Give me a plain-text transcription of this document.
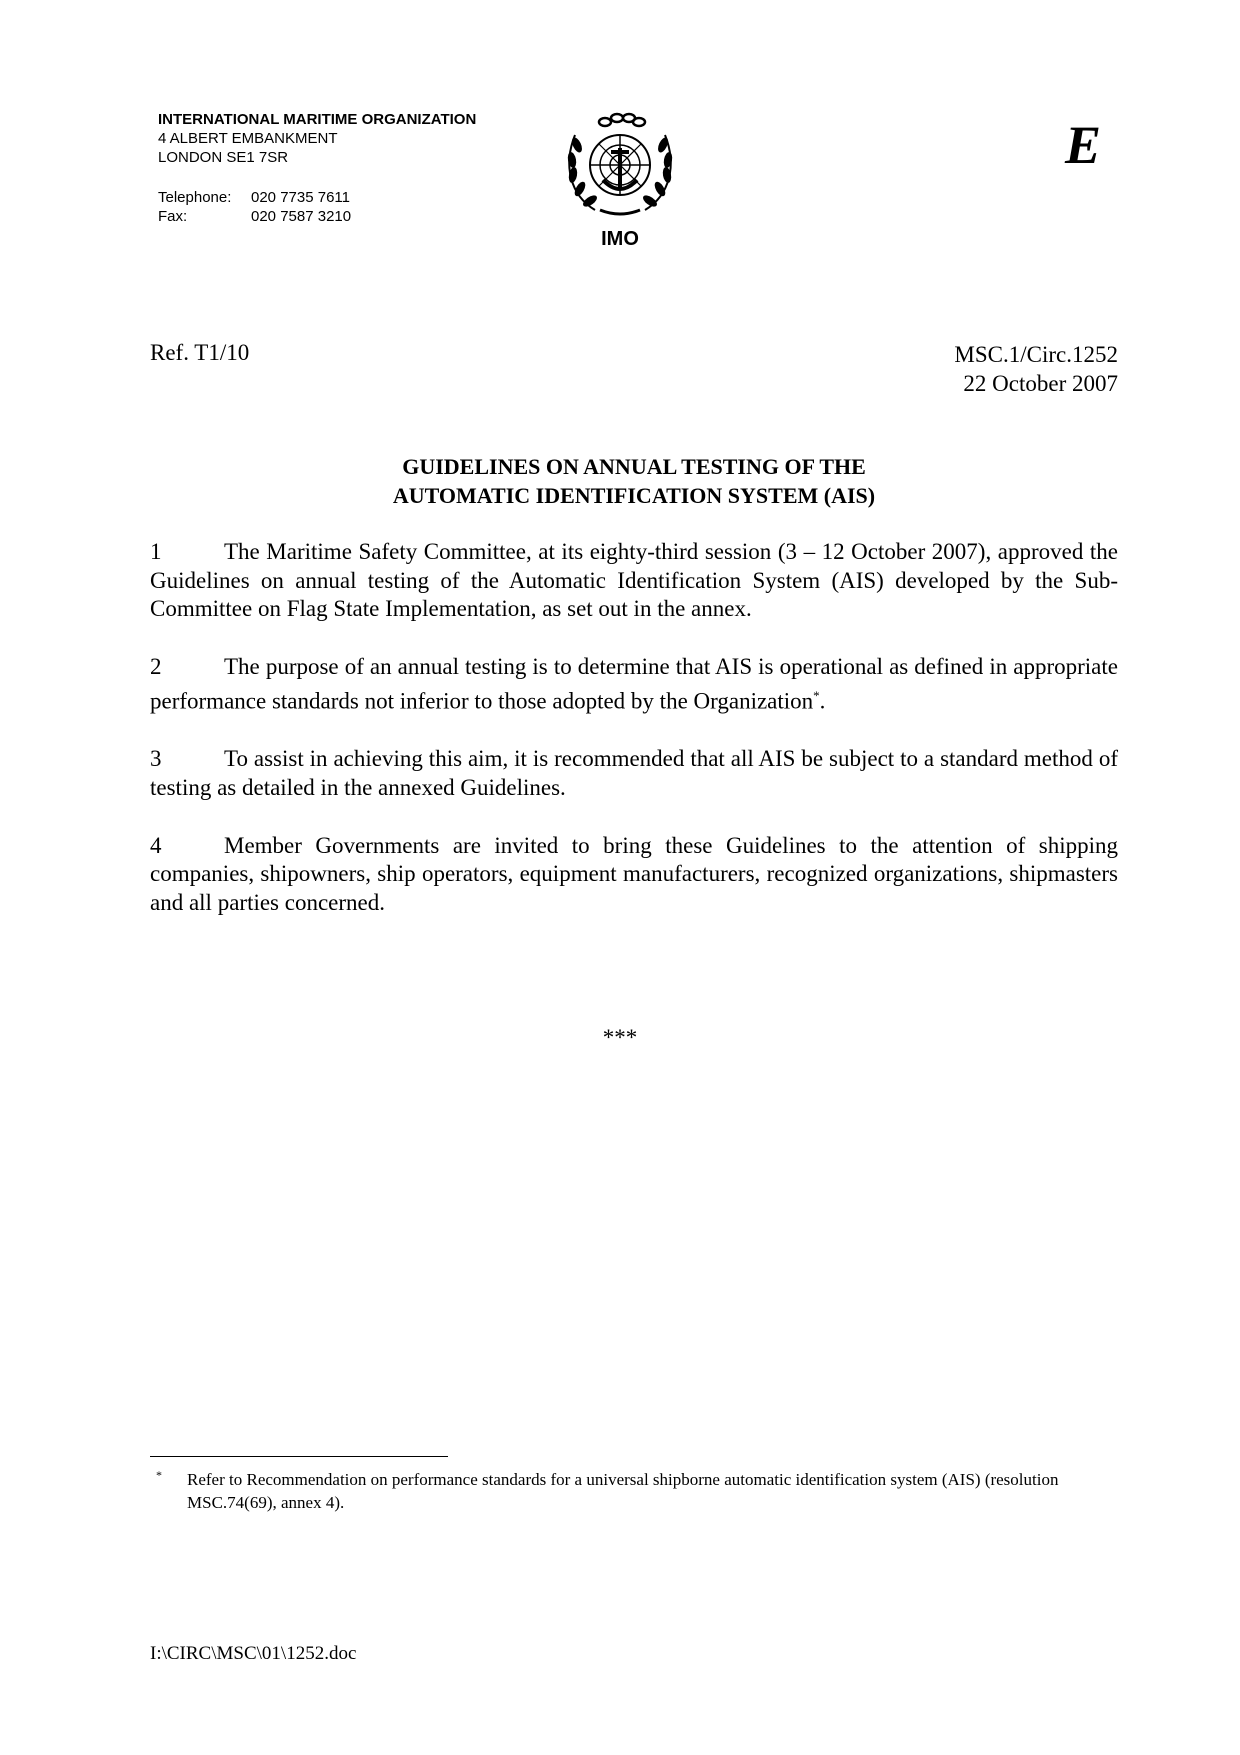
INTERNATIONAL MARITIME ORGANIZATION
4 ALBERT EMBANKMENT
LONDON SE1 7SR
Telephone:	020 7735 7611
Fax:	020 7587 3210
IMO
E
Ref. T1/10	MSC.1/Circ.1252
22 October 2007
GUIDELINES ON ANNUAL TESTING OF THE
AUTOMATIC IDENTIFICATION SYSTEM (AIS)

1	The Maritime Safety Committee, at its eighty-third session (3 – 12 October 2007), approved the Guidelines on annual testing of the Automatic Identification System (AIS) developed by the Sub-Committee on Flag State Implementation, as set out in the annex.

2	The purpose of an annual testing is to determine that AIS is operational as defined in appropriate performance standards not inferior to those adopted by the Organization*.

3	To assist in achieving this aim, it is recommended that all AIS be subject to a standard method of testing as detailed in the annexed Guidelines.

4	Member Governments are invited to bring these Guidelines to the attention of shipping companies, shipowners, ship operators, equipment manufacturers, recognized organizations, shipmasters and all parties concerned.

***
* Refer to Recommendation on performance standards for a universal shipborne automatic identification system (AIS) (resolution MSC.74(69), annex 4).
I:\CIRC\MSC\01\1252.doc
